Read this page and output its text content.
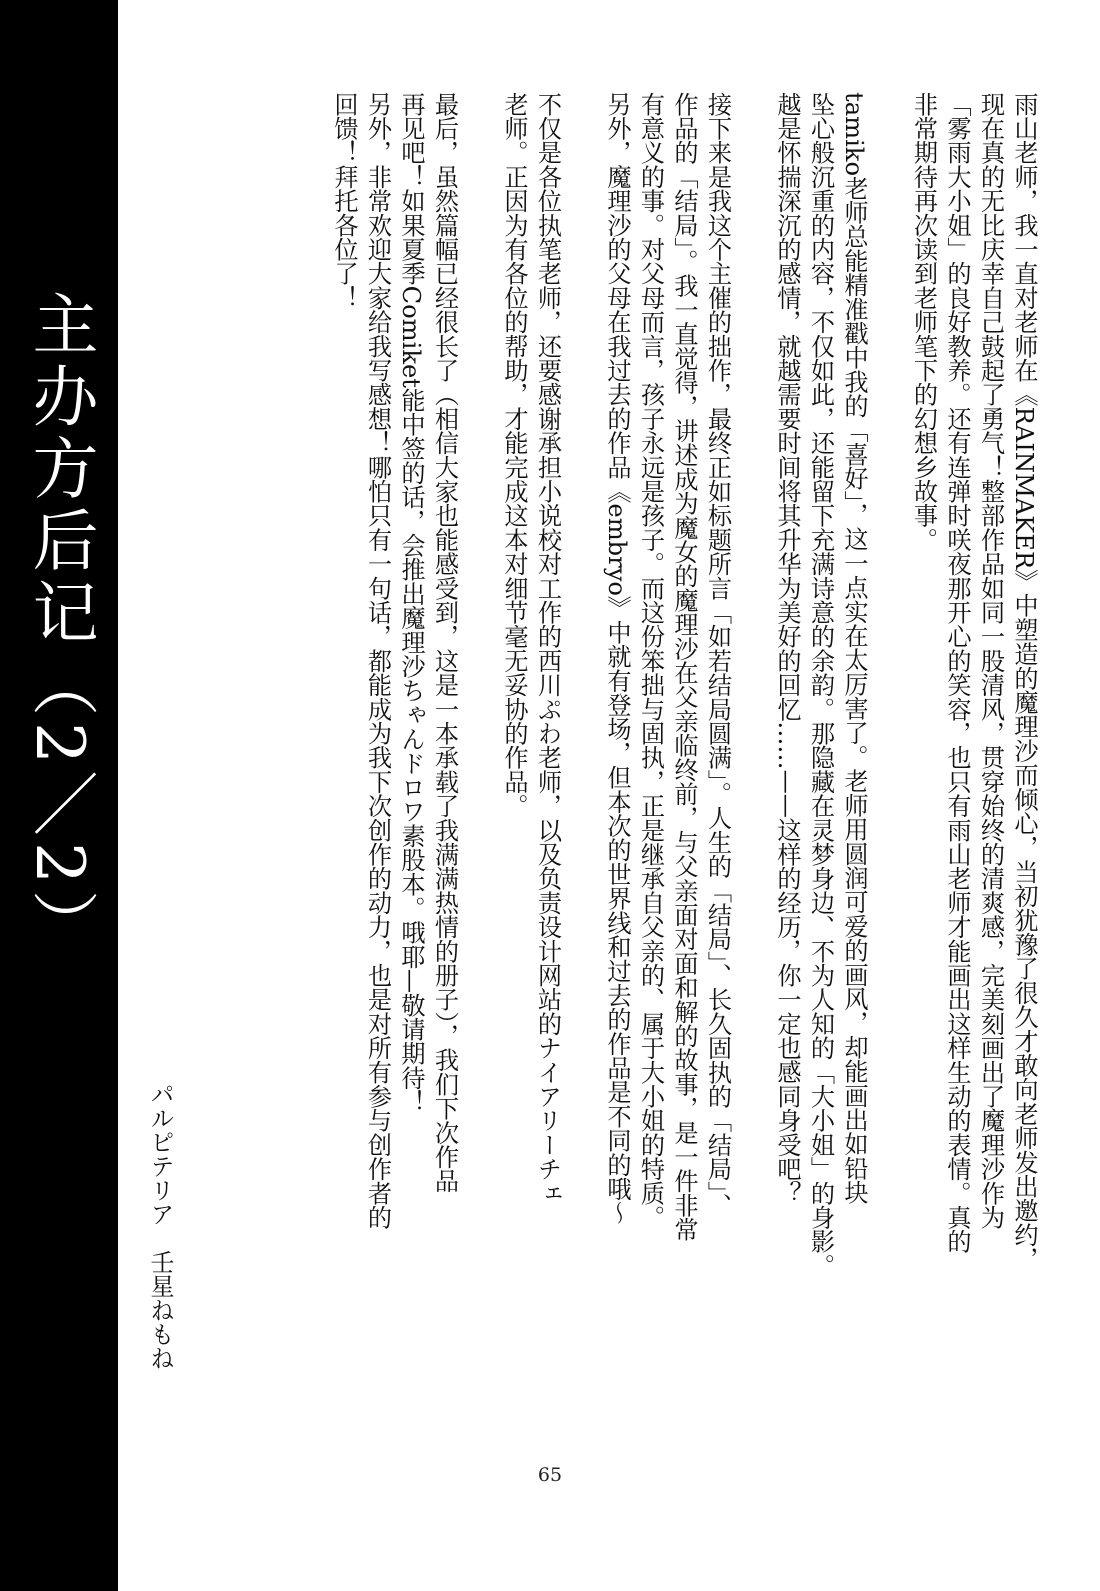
主办方后记（2／2）	雨山老师，我一直对老师在《RAINMAKER》中塑造的魔理沙而倾心，当初犹豫了很久才敢向老师发出邀约，
现在真的无比庆幸自己鼓起了勇气！整部作品如同一股清风，贯穿始终的清爽感，完美刻画出了魔理沙作为
「雾雨大小姐」的良好教养。还有连弹时咲夜那开心的笑容，也只有雨山老师才能画出这样生动的表情。真的
非常期待再次读到老师笔下的幻想乡故事。

tamiko老师总能精准戳中我的「喜好」，这一点实在太厉害了。老师用圆润可爱的画风，却能画出如铅块
坠心般沉重的内容，不仅如此，还能留下充满诗意的余韵。那隐藏在灵梦身边、不为人知的「大小姐」的身影。
越是怀揣深沉的感情，就越需要时间将其升华为美好的回忆……——这样的经历，你一定也感同身受吧？

接下来是我这个主催的拙作，最终正如标题所言「如若结局圆满」。人生的「结局」、长久固执的「结局」、
作品的「结局」。我一直觉得，讲述成为魔女的魔理沙在父亲临终前，与父亲面对面和解的故事，是一件非常
有意义的事。对父母而言，孩子永远是孩子。而这份笨拙与固执，正是继承自父亲的、属于大小姐的特质。
另外，魔理沙的父母在我过去的作品《embryo》中就有登场，但本次的世界线和过去的作品是不同的哦～

不仅是各位执笔老师，还要感谢承担小说校对工作的西川ぷわ老师，以及负责设计网站的ナイアリーチェ
老师。正因为有各位的帮助，才能完成这本对细节毫无妥协的作品。

最后，虽然篇幅已经很长了（相信大家也能感受到，这是一本承载了我满满热情的册子），我们下次作品
再见吧！如果夏季Comiket能中签的话，会推出魔理沙ちゃんドロワ素股本。哦耶—敬请期待！
另外，非常欢迎大家给我写感想！哪怕只有一句话，都能成为我下次创作的动力，也是对所有参与创作者的
回馈！拜托各位了！

パルピテリア　壬星ねもね
65
